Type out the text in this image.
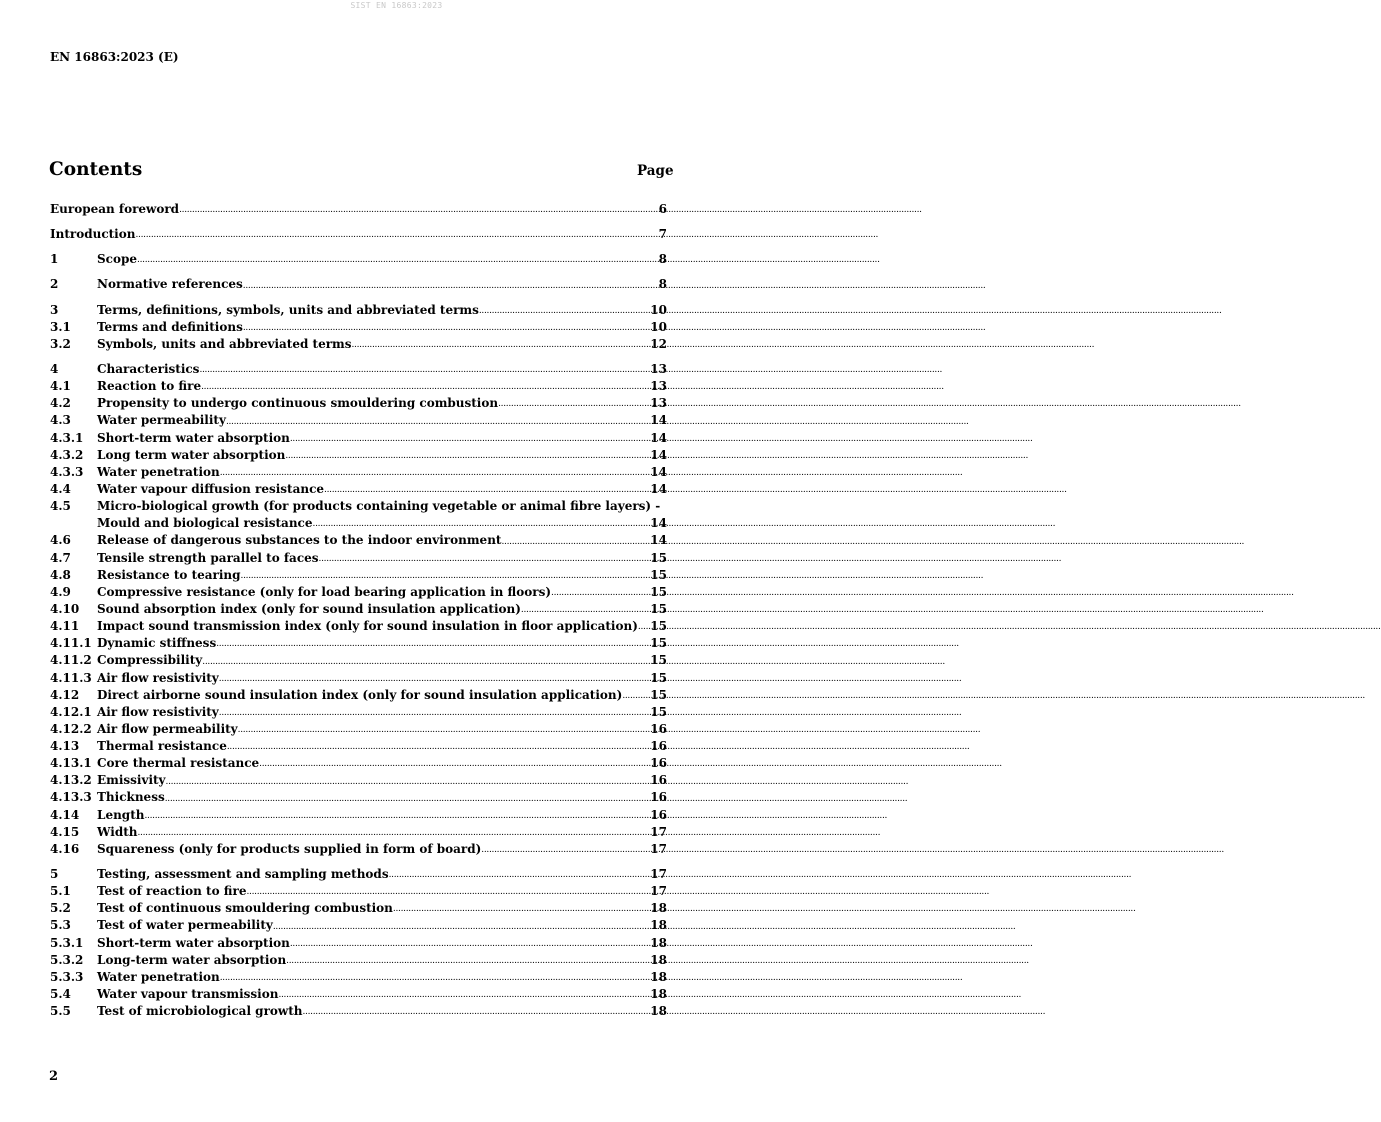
SIST EN 16863:2023
EN 16863:2023 (E)
Contents	Page
European foreword .....	6
Introduction .....	7
1	Scope .....	8
2	Normative references .....	8
3	Terms, definitions, symbols, units and abbreviated terms .....	10
3.1	Terms and definitions .....	10
3.2	Symbols, units and abbreviated terms .....	12
4	Characteristics .....	13
4.1	Reaction to fire .....	13
4.2	Propensity to undergo continuous smouldering combustion .....	13
4.3	Water permeability .....	14
4.3.1	Short-term water absorption .....	14
4.3.2	Long term water absorption .....	14
4.3.3	Water penetration .....	14
4.4	Water vapour diffusion resistance .....	14
4.5	Micro-biological growth (for products containing vegetable or animal fibre layers) -
Mould and biological resistance .....	14
4.6	Release of dangerous substances to the indoor environment .....	14
4.7	Tensile strength parallel to faces .....	15
4.8	Resistance to tearing .....	15
4.9	Compressive resistance (only for load bearing application in floors) .....	15
4.10	Sound absorption index (only for sound insulation application) .....	15
4.11	Impact sound transmission index (only for sound insulation in floor application) ..... 15
4.11.1 Dynamic stiffness .....	15
4.11.2 Compressibility .....	15
4.11.3 Air flow resistivity .....	15
4.12	Direct airborne sound insulation index (only for sound insulation application) ..... 15
4.12.1 Air flow resistivity .....	15
4.12.2 Air flow permeability .....	16
4.13	Thermal resistance .....	16
4.13.1 Core thermal resistance .....	16
4.13.2 Emissivity .....	16
4.13.3 Thickness .....	16
4.14	Length .....	16
4.15	Width .....	17
4.16	Squareness (only for products supplied in form of board) .....	17
5	Testing, assessment and sampling methods .....	17
5.1	Test of reaction to fire .....	17
5.2	Test of continuous smouldering combustion .....	18
5.3	Test of water permeability .....	18
5.3.1	Short-term water absorption .....	18
5.3.2	Long-term water absorption .....	18
5.3.3	Water penetration .....	18
5.4	Water vapour transmission .....	18
5.5	Test of microbiological growth .....	18
2
